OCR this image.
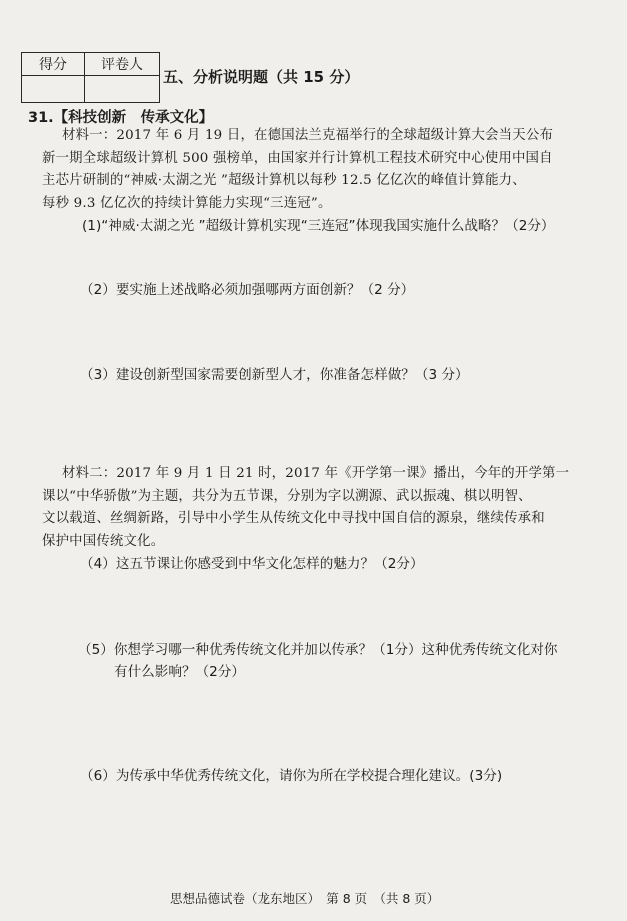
得分	评卷人

五、分析说明题（共 15 分）
31.【科技创新　传承文化】
材料一：2017 年 6 月 19 日，在德国法兰克福举行的全球超级计算大会当天公布
新一期全球超级计算机 500 强榜单，由国家并行计算机工程技术研究中心使用中国自
主芯片研制的“神威·太湖之光 ”超级计算机以每秒 12.5 亿亿次的峰值计算能力、
每秒 9.3 亿亿次的持续计算能力实现“三连冠”。
(1)“神威·太湖之光 ”超级计算机实现“三连冠”体现我国实施什么战略？（2分）
（2）要实施上述战略必须加强哪两方面创新？（2 分）
（3）建设创新型国家需要创新型人才，你准备怎样做？（3 分）
材料二：2017 年 9 月 1 日 21 时，2017 年《开学第一课》播出，今年的开学第一
课以“中华骄傲”为主题，共分为五节课，分别为字以溯源、武以振魂、棋以明智、
文以载道、丝绸新路，引导中小学生从传统文化中寻找中国自信的源泉，继续传承和
保护中国传统文化。
（4）这五节课让你感受到中华文化怎样的魅力？（2分）
（5）你想学习哪一种优秀传统文化并加以传承？（1分）这种优秀传统文化对你
有什么影响？（2分）
（6）为传承中华优秀传统文化，请你为所在学校提合理化建议。(3分)
思想品德试卷（龙东地区）　第 8 页　（共 8 页）
